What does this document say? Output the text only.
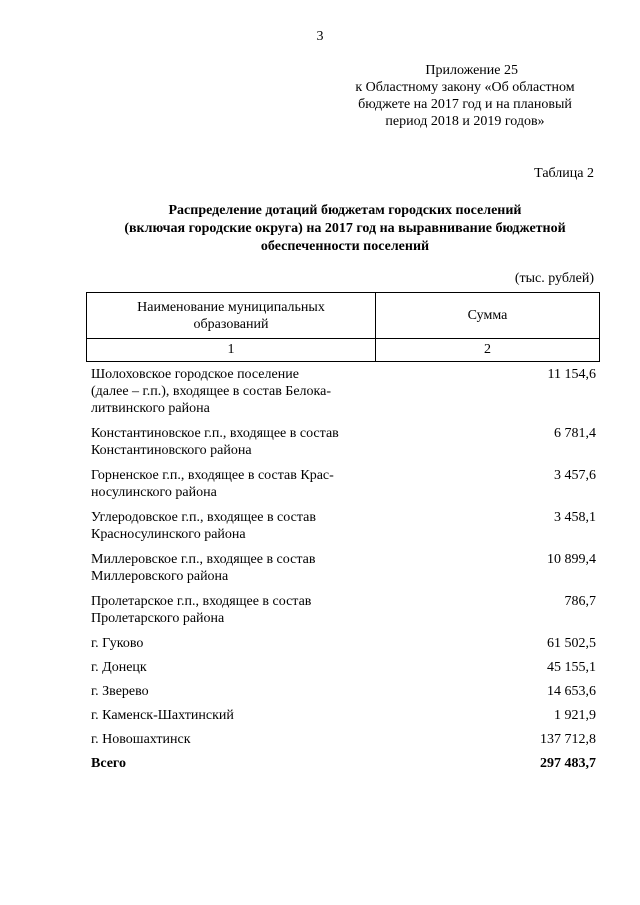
3
Приложение 25
к Областному закону «Об областном
бюджете на 2017 год и на плановый
период 2018 и 2019 годов»
Таблица 2
Распределение дотаций бюджетам городских поселений
(включая городские округа) на 2017 год на выравнивание бюджетной
обеспеченности поселений
(тыс. рублей)
Наименование муниципальных
образований	Сумма
1	2
Шолоховское городское поселение
(далее – г.п.), входящее в состав Белока-
литвинского района
11 154,6
Константиновское г.п., входящее в состав
Константиновского района
6 781,4
Горненское г.п., входящее в состав Крас-
носулинского района
3 457,6
Углеродовское г.п., входящее в состав
Красносулинского района
3 458,1
Миллеровское г.п., входящее в состав
Миллеровского района
10 899,4
Пролетарское г.п., входящее в состав
Пролетарского района
786,7
г. Гуково	61 502,5
г. Донецк	45 155,1
г. Зверево	14 653,6
г. Каменск-Шахтинский	1 921,9
г. Новошахтинск	137 712,8
Всего	297 483,7
